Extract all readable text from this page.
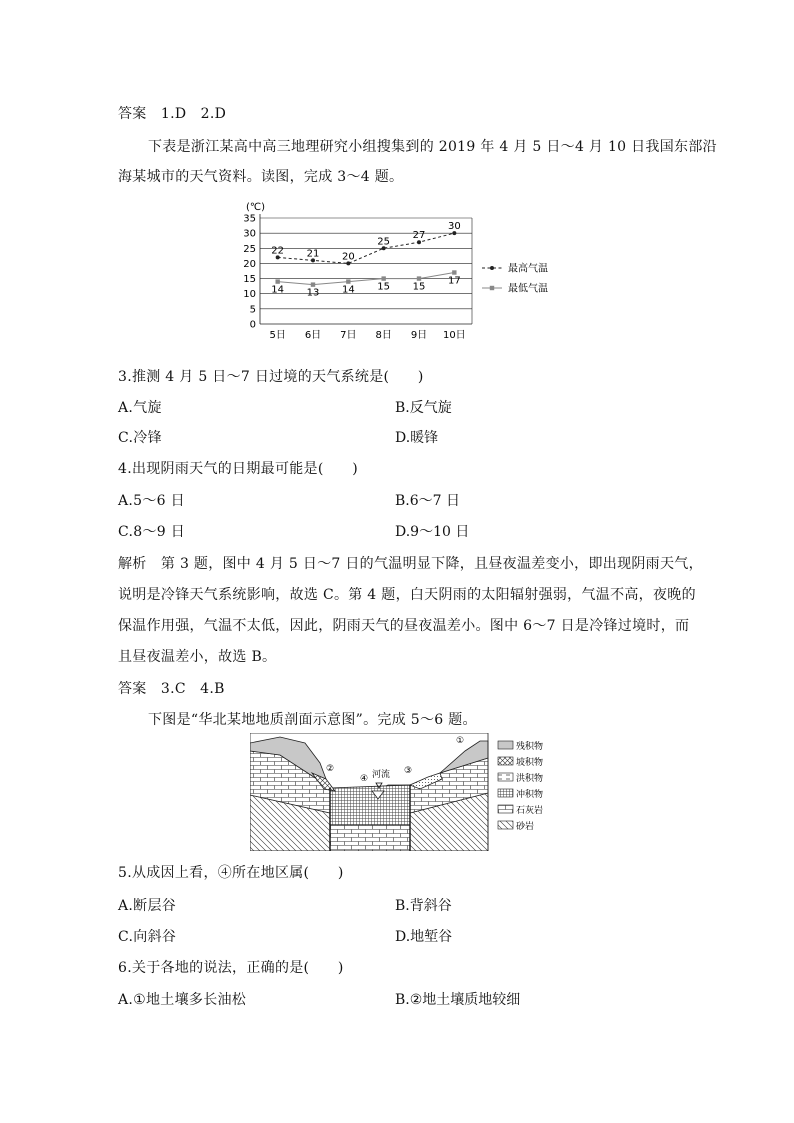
答案　1.D　2.D
下表是浙江某高中高三地理研究小组搜集到的 2019 年 4 月 5 日～4 月 10 日我国东部沿
海某城市的天气资料。读图，完成 3～4 题。
(℃)
0
5
10
15
20
25
30
35
5日 6日 7日 8日 9日 10日
22 21 20
25
27
30
14 13 14 15 15
17
最高气温
最低气温
3.推测 4 月 5 日～7 日过境的天气系统是(　　)
A.气旋	B.反气旋
C.冷锋	D.暖锋
4.出现阴雨天气的日期最可能是(　　)
A.5～6 日	B.6～7 日
C.8～9 日	D.9～10 日
解析　第 3 题，图中 4 月 5 日～7 日的气温明显下降，且昼夜温差变小，即出现阴雨天气，
说明是冷锋天气系统影响，故选 C。第 4 题，白天阴雨的太阳辐射强弱，气温不高，夜晚的
保温作用强，气温不太低，因此，阴雨天气的昼夜温差小。图中 6～7 日是冷锋过境时，而
且昼夜温差小，故选 B。
答案　3.C　4.B
下图是“华北某地地质剖面示意图”。完成 5～6 题。
①
②	③
④ 河流
残积物
坡积物
洪积物
冲积物
石灰岩
砂岩
5.从成因上看，④所在地区属(　　)
A.断层谷	B.背斜谷
C.向斜谷	D.地堑谷
6.关于各地的说法，正确的是(　　)
A.①地土壤多长油松	B.②地土壤质地较细
